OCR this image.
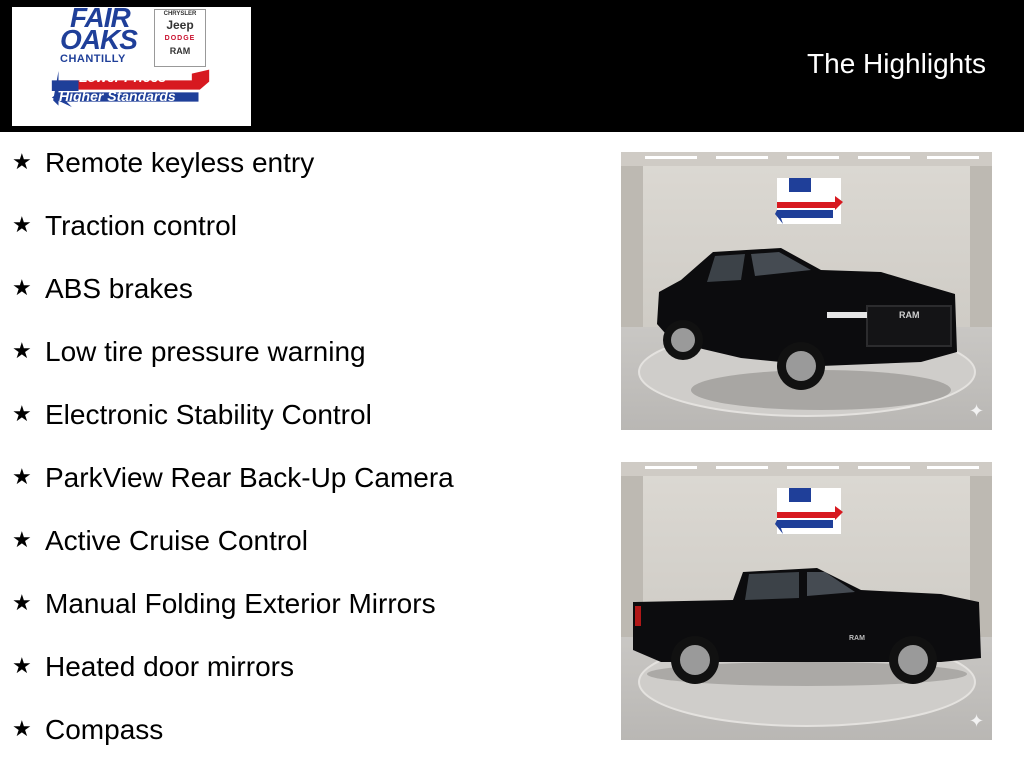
FAIR
OAKS
CHANTILLY
CHRYSLER
Jeep
DODGE
RAM
Lower Prices
Higher Standards
The Highlights
★ Remote keyless entry
★ Traction control
★ ABS brakes
★ Low tire pressure warning
★ Electronic Stability Control
★ ParkView Rear Back-Up Camera
★ Active Cruise Control
★ Manual Folding Exterior Mirrors
★ Heated door mirrors
★ Compass
RAM
✦
RAM
✦
